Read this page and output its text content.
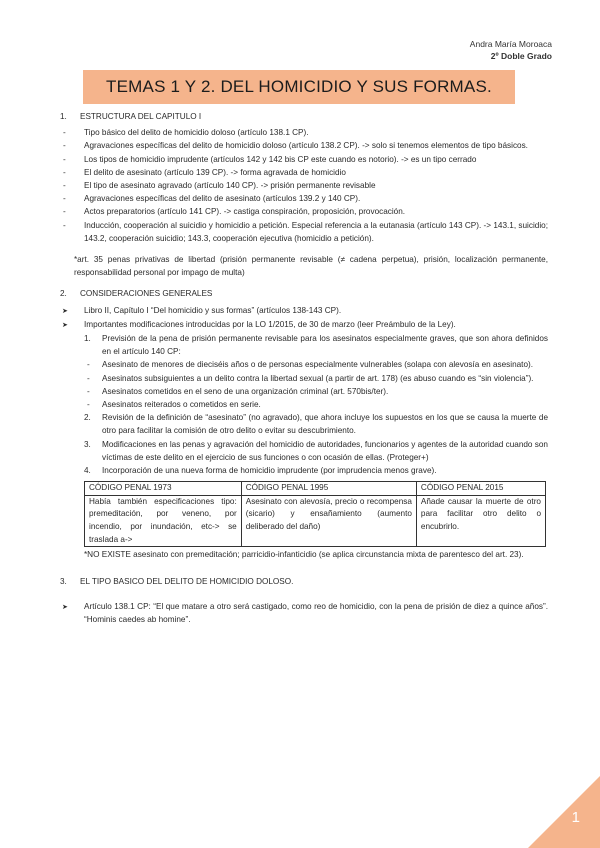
Andra María Moroaca
2º Doble Grado
TEMAS 1 Y 2. DEL HOMICIDIO Y SUS FORMAS.
1.	ESTRUCTURA DEL CAPITULO I
-	Tipo básico del delito de homicidio doloso (artículo 138.1 CP).
-	Agravaciones específicas del delito de homicidio doloso (artículo 138.2 CP). -> solo si tenemos elementos de tipo básicos.
-	Los tipos de homicidio imprudente (artículos 142 y 142 bis CP este cuando es notorio). -> es un tipo cerrado
-	El delito de asesinato (artículo 139 CP). -> forma agravada de homicidio
-	El tipo de asesinato agravado (artículo 140 CP). -> prisión permanente revisable
-	Agravaciones específicas del delito de asesinato (artículos 139.2 y 140 CP).
-	Actos preparatorios (artículo 141 CP). -> castiga conspiración, proposición, provocación.
-	Inducción, cooperación al suicidio y homicidio a petición. Especial referencia a la eutanasia (artículo 143 CP). -> 143.1, suicidio; 143.2, cooperación suicidio; 143.3, cooperación ejecutiva (homicidio a petición).
*art. 35 penas privativas de libertad (prisión permanente revisable (≠ cadena perpetua), prisión, localización permanente, responsabilidad personal por impago de multa)
2.	CONSIDERACIONES GENERALES
➤	Libro II, Capítulo I “Del homicidio y sus formas” (artículos 138-143 CP).
➤	Importantes modificaciones introducidas por la LO 1/2015, de 30 de marzo (leer Preámbulo de la Ley).
1.	Previsión de la pena de prisión permanente revisable para los asesinatos especialmente graves, que son ahora definidos en el artículo 140 CP:
-	Asesinato de menores de dieciséis años o de personas especialmente vulnerables (solapa con alevosía en asesinato).
-	Asesinatos subsiguientes a un delito contra la libertad sexual (a partir de art. 178) (es abuso cuando es “sin violencia”).
-	Asesinatos cometidos en el seno de una organización criminal (art. 570bis/ter).
-	Asesinatos reiterados o cometidos en serie.
2.	Revisión de la definición de “asesinato” (no agravado), que ahora incluye los supuestos en los que se causa la muerte de otro para facilitar la comisión de otro delito o evitar su descubrimiento.
3.	Modificaciones en las penas y agravación del homicidio de autoridades, funcionarios y agentes de la autoridad cuando son víctimas de este delito en el ejercicio de sus funciones o con ocasión de ellas. (Proteger+)
4.	Incorporación de una nueva forma de homicidio imprudente (por imprudencia menos grave).
CÓDIGO PENAL 1973	CÓDIGO PENAL 1995	CÓDIGO PENAL 2015
Había también especificaciones tipo: premeditación, por veneno, por incendio, por inundación, etc-> se traslada a->	Asesinato con alevosía, precio o recompensa (sicario) y ensañamiento (aumento deliberado del daño)	Añade causar la muerte de otro para facilitar otro delito o encubrirlo.
*NO EXISTE asesinato con premeditación; parricidio-infanticidio (se aplica circunstancia mixta de parentesco del art. 23).
3.	EL TIPO BASICO DEL DELITO DE HOMICIDIO DOLOSO.
➤	Artículo 138.1 CP: “El que matare a otro será castigado, como reo de homicidio, con la pena de prisión de diez a quince años”. “Hominis caedes ab homine”.
1
